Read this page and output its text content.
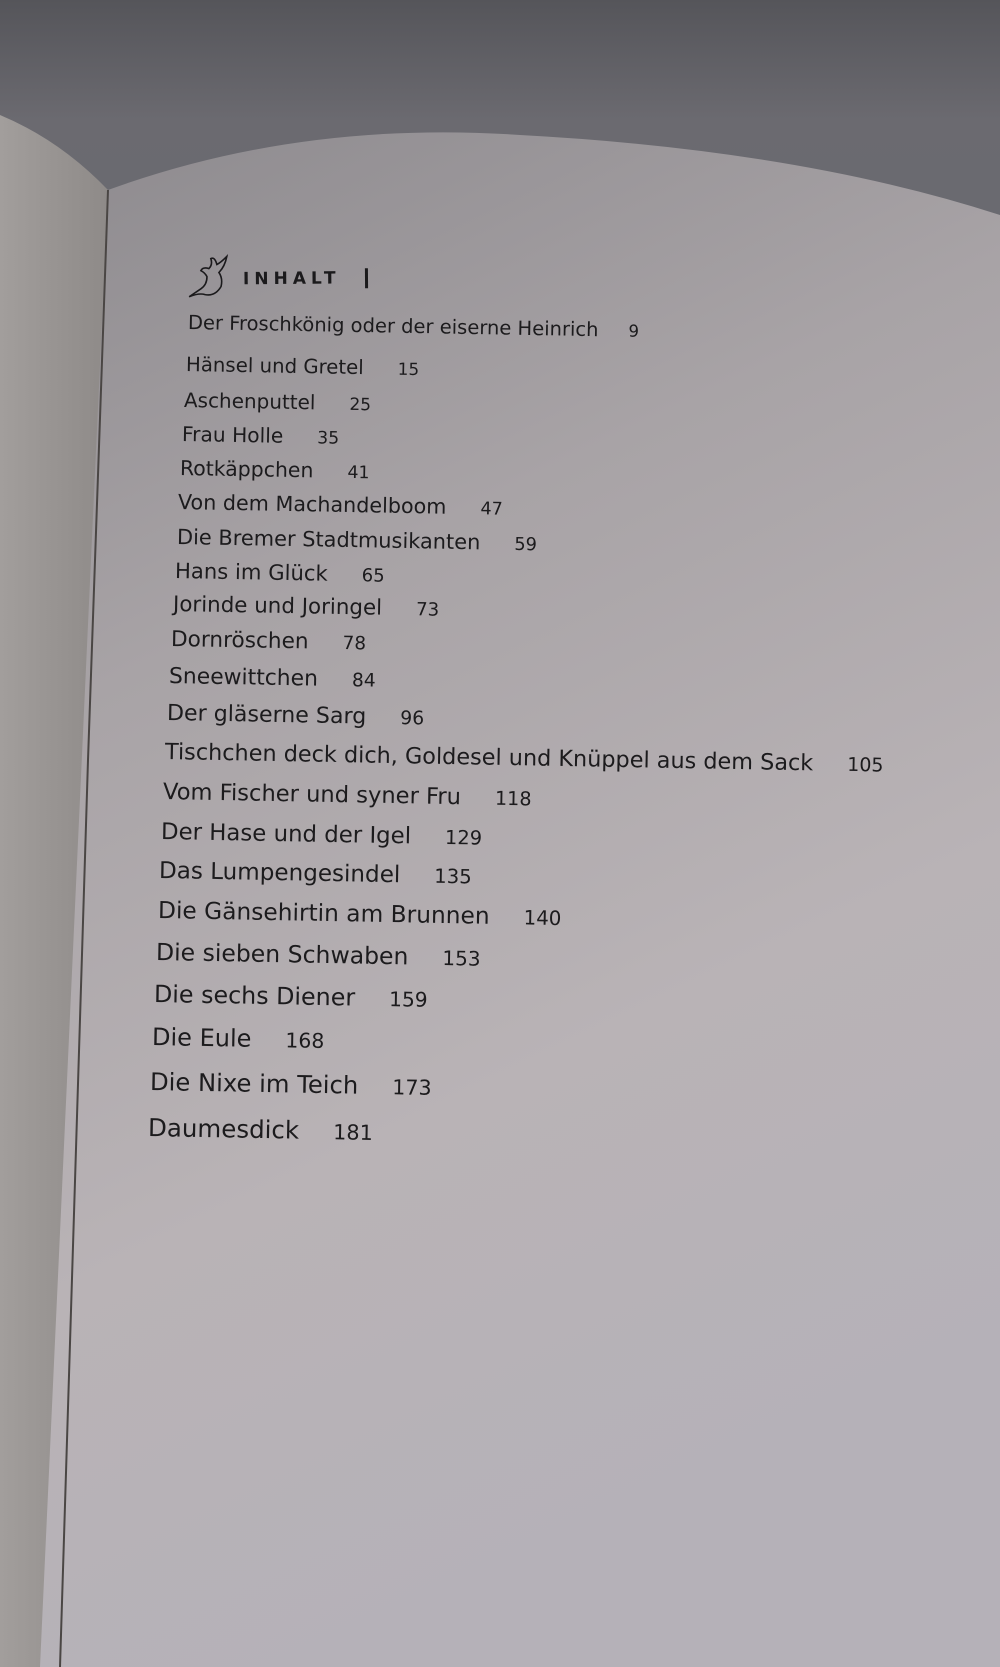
INHALT
Der Froschkönig oder der eiserne Heinrich 9
Hänsel und Gretel 15
Aschenputtel 25
Frau Holle 35
Rotkäppchen 41
Von dem Machandelboom 47
Die Bremer Stadtmusikanten 59
Hans im Glück 65
Jorinde und Joringel 73
Dornröschen 78
Sneewittchen 84
Der gläserne Sarg 96
Tischchen deck dich, Goldesel und Knüppel aus dem Sack 105
Vom Fischer und syner Fru 118
Der Hase und der Igel 129
Das Lumpengesindel 135
Die Gänsehirtin am Brunnen 140
Die sieben Schwaben 153
Die sechs Diener 159
Die Eule 168
Die Nixe im Teich 173
Daumesdick 181
